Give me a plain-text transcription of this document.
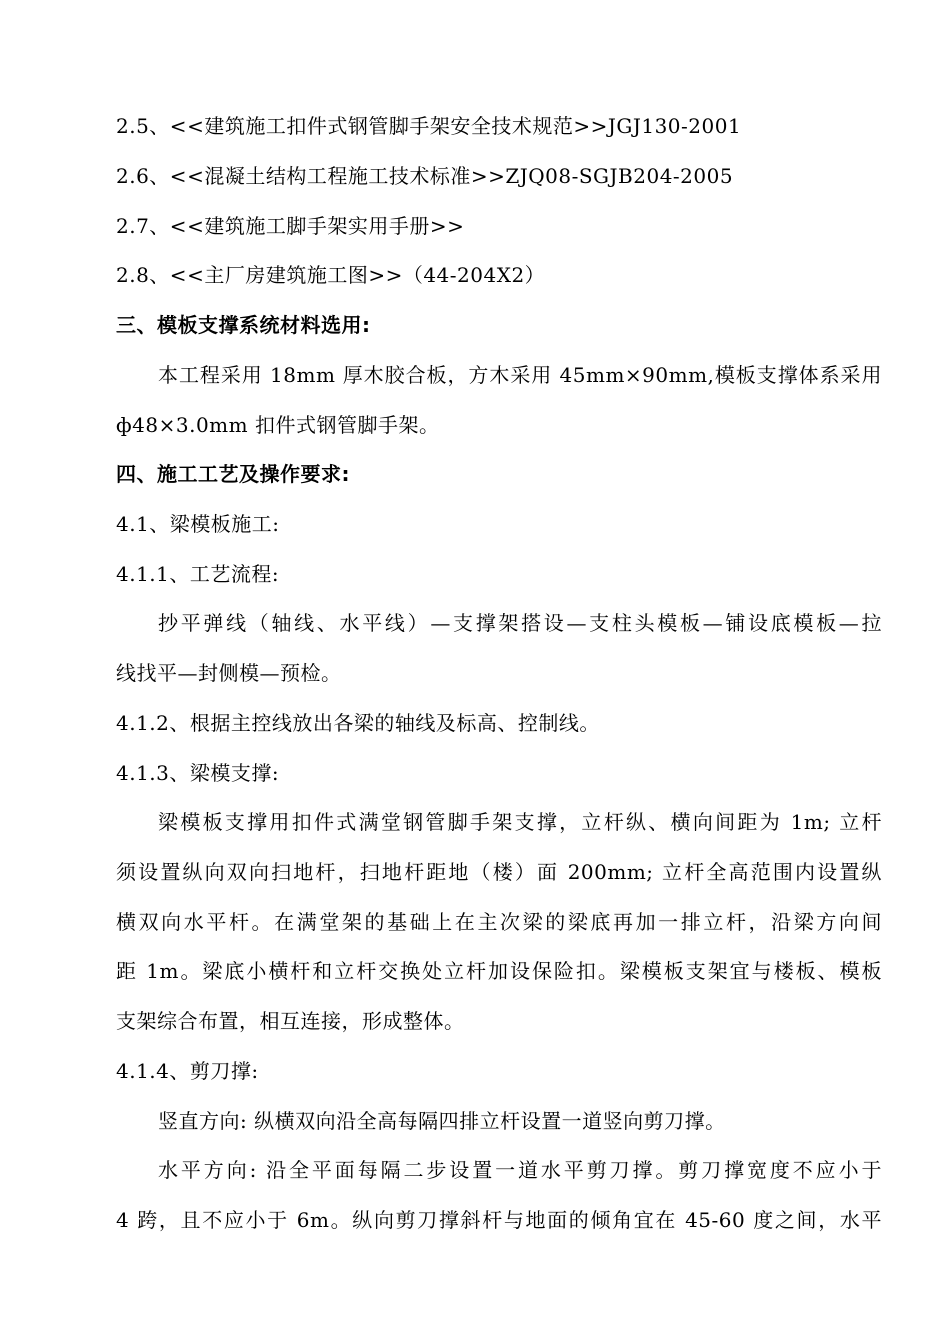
2.5、<<建筑施工扣件式钢管脚手架安全技术规范>>JGJ130-2001
2.6、<<混凝土结构工程施工技术标准>>ZJQ08-SGJB204-2005
2.7、<<建筑施工脚手架实用手册>>
2.8、<<主厂房建筑施工图>>（44-204X2）
三、模板支撑系统材料选用:
本工程采用 18mm 厚木胶合板，方木采用 45mm×90mm,模板支撑体系采用
ф48×3.0mm 扣件式钢管脚手架。
四、施工工艺及操作要求:
4.1、梁模板施工:
4.1.1、工艺流程:
抄平弹线（轴线、水平线）—支撑架搭设—支柱头模板—铺设底模板—拉
线找平—封侧模—预检。
4.1.2、根据主控线放出各梁的轴线及标高、控制线。
4.1.3、梁模支撑:
梁模板支撑用扣件式满堂钢管脚手架支撑，立杆纵、横向间距为 1m; 立杆
须设置纵向双向扫地杆，扫地杆距地（楼）面 200mm; 立杆全高范围内设置纵
横双向水平杆。在满堂架的基础上在主次梁的梁底再加一排立杆，沿梁方向间
距 1m。梁底小横杆和立杆交换处立杆加设保险扣。梁模板支架宜与楼板、模板
支架综合布置，相互连接，形成整体。
4.1.4、剪刀撑:
竖直方向: 纵横双向沿全高每隔四排立杆设置一道竖向剪刀撑。
水平方向: 沿全平面每隔二步设置一道水平剪刀撑。剪刀撑宽度不应小于
4 跨，且不应小于 6m。纵向剪刀撑斜杆与地面的倾角宜在 45-60 度之间，水平
